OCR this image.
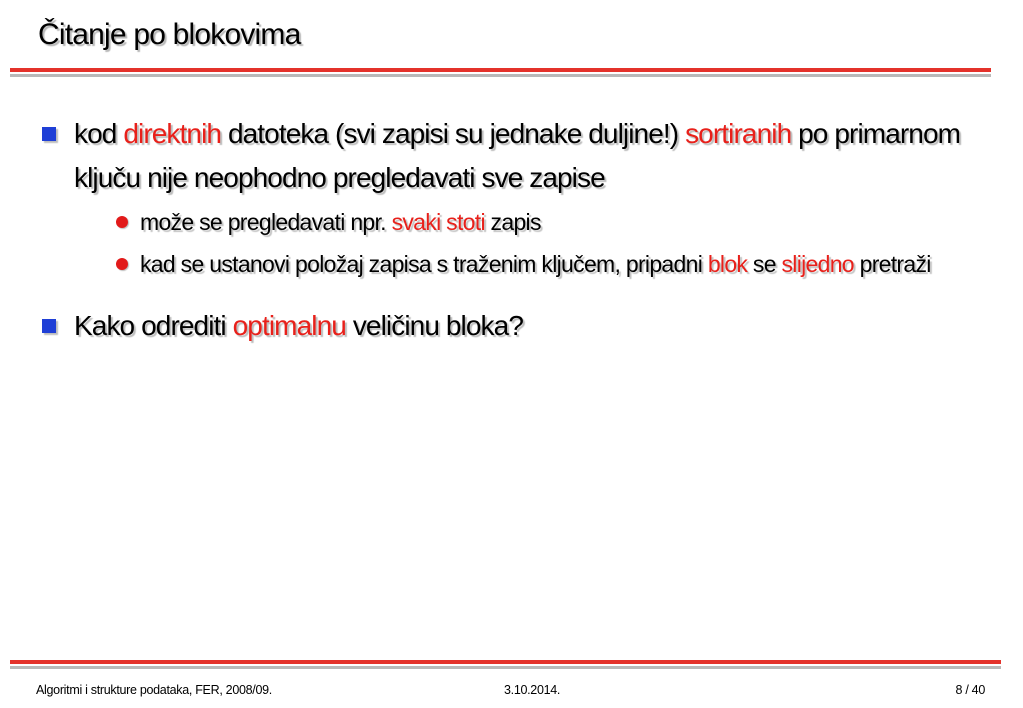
Čitanje po blokovima
kod direktnih datoteka (svi zapisi su jednake duljine!) sortiranih po primarnom ključu nije neophodno pregledavati sve zapise
može se pregledavati npr. svaki stoti zapis
kad se ustanovi položaj zapisa s traženim ključem, pripadni blok se slijedno pretraži
Kako odrediti optimalnu veličinu bloka?
Algoritmi i strukture podataka, FER, 2008/09.	3.10.2014.	8 / 40
